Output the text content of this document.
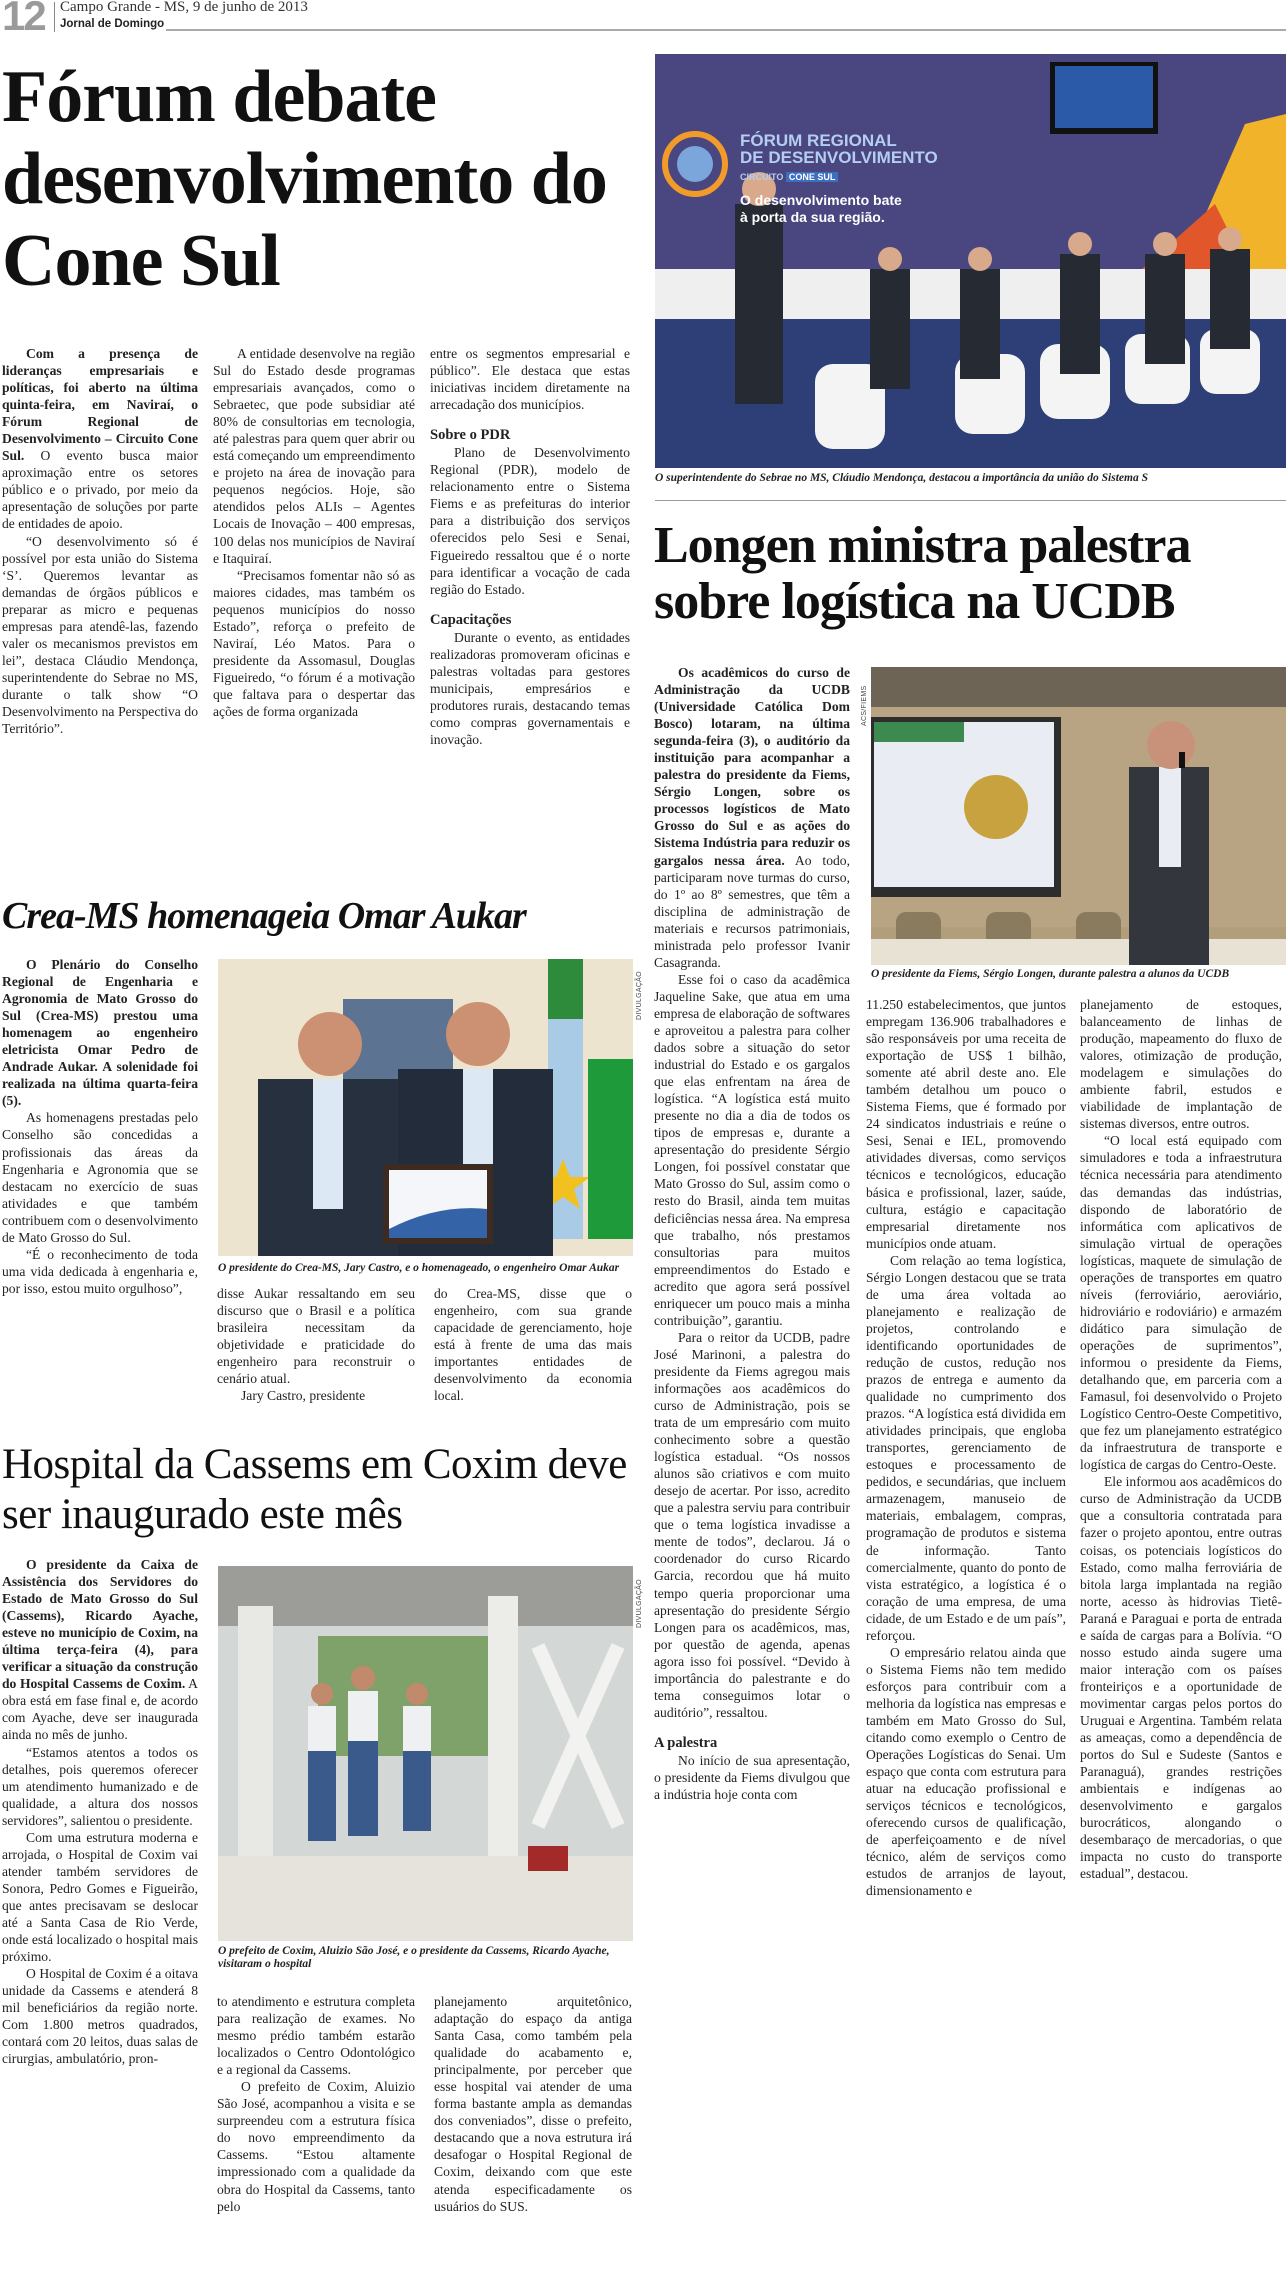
12 Campo Grande - MS, 9 de junho de 2013
Jornal de Domingo
Fórum debate desenvolvimento do Cone Sul

Com a presença de lideranças empresariais e políticas, foi aberto na última quinta-feira, em Naviraí, o Fórum Regional de Desenvolvimento – Circuito Cone Sul. O evento busca maior aproximação entre os setores público e o privado, por meio da apresentação de soluções por parte de entidades de apoio.

“O desenvolvimento só é possível por esta união do Sistema ‘S’. Queremos levantar as demandas de órgãos públicos e preparar as micro e pequenas empresas para atendê-las, fazendo valer os mecanismos previstos em lei”, destaca Cláudio Mendonça, superintendente do Sebrae no MS, durante o talk show “O Desenvolvimento na Perspectiva do Território”.

A entidade desenvolve na região Sul do Estado desde programas empresariais avançados, como o Sebraetec, que pode subsidiar até 80% de consultorias em tecnologia, até palestras para quem quer abrir ou está começando um empreendimento e projeto na área de inovação para pequenos negócios. Hoje, são atendidos pelos ALIs – Agentes Locais de Inovação – 400 empresas, 100 delas nos municípios de Naviraí e Itaquiraí.

“Precisamos fomentar não só as maiores cidades, mas também os pequenos municípios do nosso Estado”, reforça o prefeito de Naviraí, Léo Matos. Para o presidente da Assomasul, Douglas Figueiredo, “o fórum é a motivação que faltava para o despertar das ações de forma organizada

entre os segmentos empresarial e público”. Ele destaca que estas iniciativas incidem diretamente na arrecadação dos municípios.

Sobre o PDR

Plano de Desenvolvimento Regional (PDR), modelo de relacionamento entre o Sistema Fiems e as prefeituras do interior para a distribuição dos serviços oferecidos pelo Sesi e Senai, Figueiredo ressaltou que é o norte para identificar a vocação de cada região do Estado.

Capacitações

Durante o evento, as entidades realizadoras promoveram oficinas e palestras voltadas para gestores municipais, empresários e produtores rurais, destacando temas como compras governamentais e inovação.

FÓRUM REGIONAL
DE DESENVOLVIMENTO
CIRCUITO CONE SUL
O desenvolvimento bate
à porta da sua região.
O superintendente do Sebrae no MS, Cláudio Mendonça, destacou a importância da união do Sistema S
Longen ministra palestra sobre logística na UCDB

Os acadêmicos do curso de Administração da UCDB (Universidade Católica Dom Bosco) lotaram, na última segunda-feira (3), o auditório da instituição para acompanhar a palestra do presidente da Fiems, Sérgio Longen, sobre os processos logísticos de Mato Grosso do Sul e as ações do Sistema Indústria para reduzir os gargalos nessa área. Ao todo, participaram nove turmas do curso, do 1º ao 8º semestres, que têm a disciplina de administração de materiais e recursos patrimoniais, ministrada pelo professor Ivanir Casagranda.

Esse foi o caso da acadêmica Jaqueline Sake, que atua em uma empresa de elaboração de softwares e aproveitou a palestra para colher dados sobre a situação do setor industrial do Estado e os gargalos que elas enfrentam na área de logística. “A logística está muito presente no dia a dia de todos os tipos de empresas e, durante a apresentação do presidente Sérgio Longen, foi possível constatar que Mato Grosso do Sul, assim como o resto do Brasil, ainda tem muitas deficiências nessa área. Na empresa que trabalho, nós prestamos consultorias para muitos empreendimentos do Estado e acredito que agora será possível enriquecer um pouco mais a minha contribuição”, garantiu.

Para o reitor da UCDB, padre José Marinoni, a palestra do presidente da Fiems agregou mais informações aos acadêmicos do curso de Administração, pois se trata de um empresário com muito conhecimento sobre a questão logística estadual. “Os nossos alunos são criativos e com muito desejo de acertar. Por isso, acredito que a palestra serviu para contribuir que o tema logística invadisse a mente de todos”, declarou. Já o coordenador do curso Ricardo Garcia, recordou que há muito tempo queria proporcionar uma apresentação do presidente Sérgio Longen para os acadêmicos, mas, por questão de agenda, apenas agora isso foi possível. “Devido à importância do palestrante e do tema conseguimos lotar o auditório”, ressaltou.

A palestra

No início de sua apresentação, o presidente da Fiems divulgou que a indústria hoje conta com

11.250 estabelecimentos, que juntos empregam 136.906 trabalhadores e são responsáveis por uma receita de exportação de US$ 1 bilhão, somente até abril deste ano. Ele também detalhou um pouco o Sistema Fiems, que é formado por 24 sindicatos industriais e reúne o Sesi, Senai e IEL, promovendo atividades diversas, como serviços técnicos e tecnológicos, educação básica e profissional, lazer, saúde, cultura, estágio e capacitação empresarial diretamente nos municípios onde atuam.

Com relação ao tema logística, Sérgio Longen destacou que se trata de uma área voltada ao planejamento e realização de projetos, controlando e identificando oportunidades de redução de custos, redução nos prazos de entrega e aumento da qualidade no cumprimento dos prazos. “A logística está dividida em atividades principais, que engloba transportes, gerenciamento de estoques e processamento de pedidos, e secundárias, que incluem armazenagem, manuseio de materiais, embalagem, compras, programação de produtos e sistema de informação. Tanto comercialmente, quanto do ponto de vista estratégico, a logística é o coração de uma empresa, de uma cidade, de um Estado e de um país”, reforçou.

O empresário relatou ainda que o Sistema Fiems não tem medido esforços para contribuir com a melhoria da logística nas empresas e também em Mato Grosso do Sul, citando como exemplo o Centro de Operações Logísticas do Senai. Um espaço que conta com estrutura para atuar na educação profissional e serviços técnicos e tecnológicos, oferecendo cursos de qualificação, de aperfeiçoamento e de nível técnico, além de serviços como estudos de arranjos de layout, dimensionamento e

planejamento de estoques, balanceamento de linhas de produção, mapeamento do fluxo de valores, otimização de produção, modelagem e simulações do ambiente fabril, estudos e viabilidade de implantação de sistemas diversos, entre outros.

“O local está equipado com simuladores e toda a infraestrutura técnica necessária para atendimento das demandas das indústrias, dispondo de laboratório de informática com aplicativos de simulação virtual de operações logísticas, maquete de simulação de operações de transportes em quatro níveis (ferroviário, aeroviário, hidroviário e rodoviário) e armazém didático para simulação de operações de suprimentos”, informou o presidente da Fiems, detalhando que, em parceria com a Famasul, foi desenvolvido o Projeto Logístico Centro-Oeste Competitivo, que fez um planejamento estratégico da infraestrutura de transporte e logística de cargas do Centro-Oeste.

Ele informou aos acadêmicos do curso de Administração da UCDB que a consultoria contratada para fazer o projeto apontou, entre outras coisas, os potenciais logísticos do Estado, como malha ferroviária de bitola larga implantada na região norte, acesso às hidrovias Tietê-Paraná e Paraguai e porta de entrada e saída de cargas para a Bolívia. “O nosso estudo ainda sugere uma maior interação com os países fronteiriços e a oportunidade de movimentar cargas pelos portos do Uruguai e Argentina. Também relata as ameaças, como a dependência de portos do Sul e Sudeste (Santos e Paranaguá), grandes restrições ambientais e indígenas ao desenvolvimento e gargalos burocráticos, alongando o desembaraço de mercadorias, o que impacta no custo do transporte estadual”, destacou.

ACS/FIEMS
O presidente da Fiems, Sérgio Longen, durante palestra a alunos da UCDB
Crea-MS homenageia Omar Aukar

O Plenário do Conselho Regional de Engenharia e Agronomia de Mato Grosso do Sul (Crea-MS) prestou uma homenagem ao engenheiro eletricista Omar Pedro de Andrade Aukar. A solenidade foi realizada na última quarta-feira (5).

As homenagens prestadas pelo Conselho são concedidas a profissionais das áreas da Engenharia e Agronomia que se destacam no exercício de suas atividades e que também contribuem com o desenvolvimento de Mato Grosso do Sul.

“É o reconhecimento de toda uma vida dedicada à engenharia e, por isso, estou muito orgulhoso”,

DIVULGAÇÃO
O presidente do Crea-MS, Jary Castro, e o homenageado, o engenheiro Omar Aukar

disse Aukar ressaltando em seu discurso que o Brasil e a política brasileira necessitam da objetividade e praticidade do engenheiro para reconstruir o cenário atual.

Jary Castro, presidente

do Crea-MS, disse que o engenheiro, com sua grande capacidade de gerenciamento, hoje está à frente de uma das mais importantes entidades de desenvolvimento da economia local.

Hospital da Cassems em Coxim deve ser inaugurado este mês

O presidente da Caixa de Assistência dos Servidores do Estado de Mato Grosso do Sul (Cassems), Ricardo Ayache, esteve no município de Coxim, na última terça-feira (4), para verificar a situação da construção do Hospital Cassems de Coxim. A obra está em fase final e, de acordo com Ayache, deve ser inaugurada ainda no mês de junho.

“Estamos atentos a todos os detalhes, pois queremos oferecer um atendimento humanizado e de qualidade, a altura dos nossos servidores”, salientou o presidente.

Com uma estrutura moderna e arrojada, o Hospital de Coxim vai atender também servidores de Sonora, Pedro Gomes e Figueirão, que antes precisavam se deslocar até a Santa Casa de Rio Verde, onde está localizado o hospital mais próximo.

O Hospital de Coxim é a oitava unidade da Cassems e atenderá 8 mil beneficiários da região norte. Com 1.800 metros quadrados, contará com 20 leitos, duas salas de cirurgias, ambulatório, pron-

DIVULGAÇÃO
O prefeito de Coxim, Aluizio São José, e o presidente da Cassems, Ricardo Ayache, visitaram o hospital

to atendimento e estrutura completa para realização de exames. No mesmo prédio também estarão localizados o Centro Odontológico e a regional da Cassems.

O prefeito de Coxim, Aluizio São José, acompanhou a visita e se surpreendeu com a estrutura física do novo empreendimento da Cassems. “Estou altamente impressionado com a qualidade da obra do Hospital da Cassems, tanto pelo

planejamento arquitetônico, adaptação do espaço da antiga Santa Casa, como também pela qualidade do acabamento e, principalmente, por perceber que esse hospital vai atender de uma forma bastante ampla as demandas dos conveniados”, disse o prefeito, destacando que a nova estrutura irá desafogar o Hospital Regional de Coxim, deixando com que este atenda especificadamente os usuários do SUS.
